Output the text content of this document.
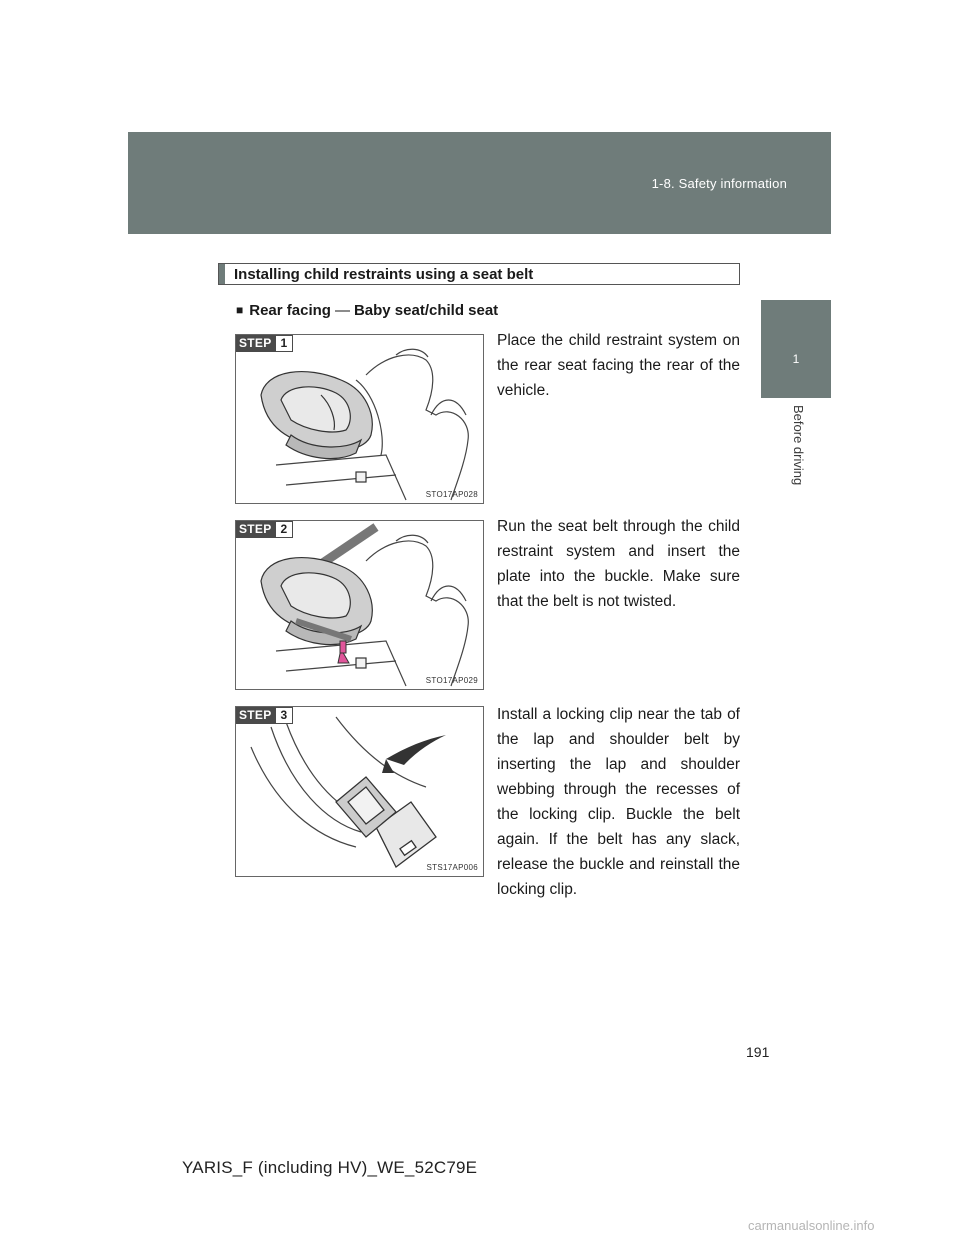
1-8. Safety information
1
Before driving
Installing child restraints using a seat belt
■ Rear facing — Baby seat/child seat
STEP 1
STO17AP028
Place the child restraint system on the rear seat facing the rear of the vehicle.
STEP 2
STO17AP029
Run the seat belt through the child restraint system and insert the plate into the buckle. Make sure that the belt is not twisted.
STEP 3
STS17AP006
Install a locking clip near the tab of the lap and shoulder belt by inserting the lap and shoulder webbing through the recesses of the locking clip. Buckle the belt again. If the belt has any slack, release the buckle and reinstall the locking clip.
191
YARIS_F (including HV)_WE_52C79E
carmanualsonline.info
